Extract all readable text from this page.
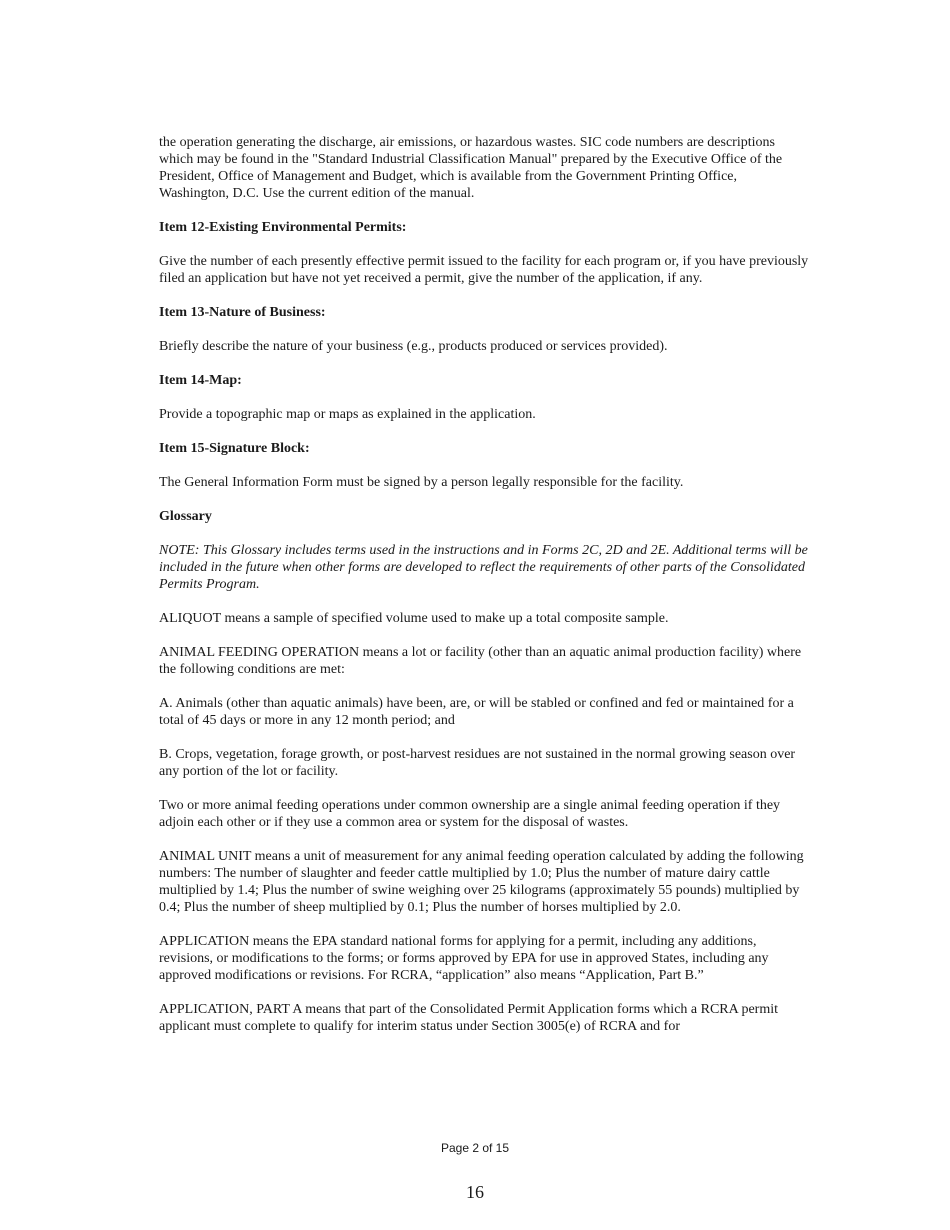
the operation generating the discharge, air emissions, or hazardous wastes. SIC code numbers are descriptions which may be found in the "Standard Industrial Classification Manual" prepared by the Executive Office of the President, Office of Management and Budget, which is available from the Government Printing Office, Washington, D.C. Use the current edition of the manual.

Item 12-Existing Environmental Permits:

Give the number of each presently effective permit issued to the facility for each program or, if you have previously filed an application but have not yet received a permit, give the number of the application, if any.

Item 13-Nature of Business:

Briefly describe the nature of your business (e.g., products produced or services provided).

Item 14-Map:

Provide a topographic map or maps as explained in the application.

Item 15-Signature Block:

The General Information Form must be signed by a person legally responsible for the facility.

Glossary

NOTE: This Glossary includes terms used in the instructions and in Forms 2C, 2D and 2E. Additional terms will be included in the future when other forms are developed to reflect the requirements of other parts of the Consolidated Permits Program.

ALIQUOT means a sample of specified volume used to make up a total composite sample.

ANIMAL FEEDING OPERATION means a lot or facility (other than an aquatic animal production facility) where the following conditions are met:

A. Animals (other than aquatic animals) have been, are, or will be stabled or confined and fed or maintained for a total of 45 days or more in any 12 month period; and

B. Crops, vegetation, forage growth, or post-harvest residues are not sustained in the normal growing season over any portion of the lot or facility.

Two or more animal feeding operations under common ownership are a single animal feeding operation if they adjoin each other or if they use a common area or system for the disposal of wastes.

ANIMAL UNIT means a unit of measurement for any animal feeding operation calculated by adding the following numbers: The number of slaughter and feeder cattle multiplied by 1.0; Plus the number of mature dairy cattle multiplied by 1.4; Plus the number of swine weighing over 25 kilograms (approximately 55 pounds) multiplied by 0.4; Plus the number of sheep multiplied by 0.1; Plus the number of horses multiplied by 2.0.

APPLICATION means the EPA standard national forms for applying for a permit, including any additions, revisions, or modifications to the forms; or forms approved by EPA for use in approved States, including any approved modifications or revisions. For RCRA, “application” also means “Application, Part B.”

APPLICATION, PART A means that part of the Consolidated Permit Application forms which a RCRA permit applicant must complete to qualify for interim status under Section 3005(e) of RCRA and for

Page 2 of 15
16
